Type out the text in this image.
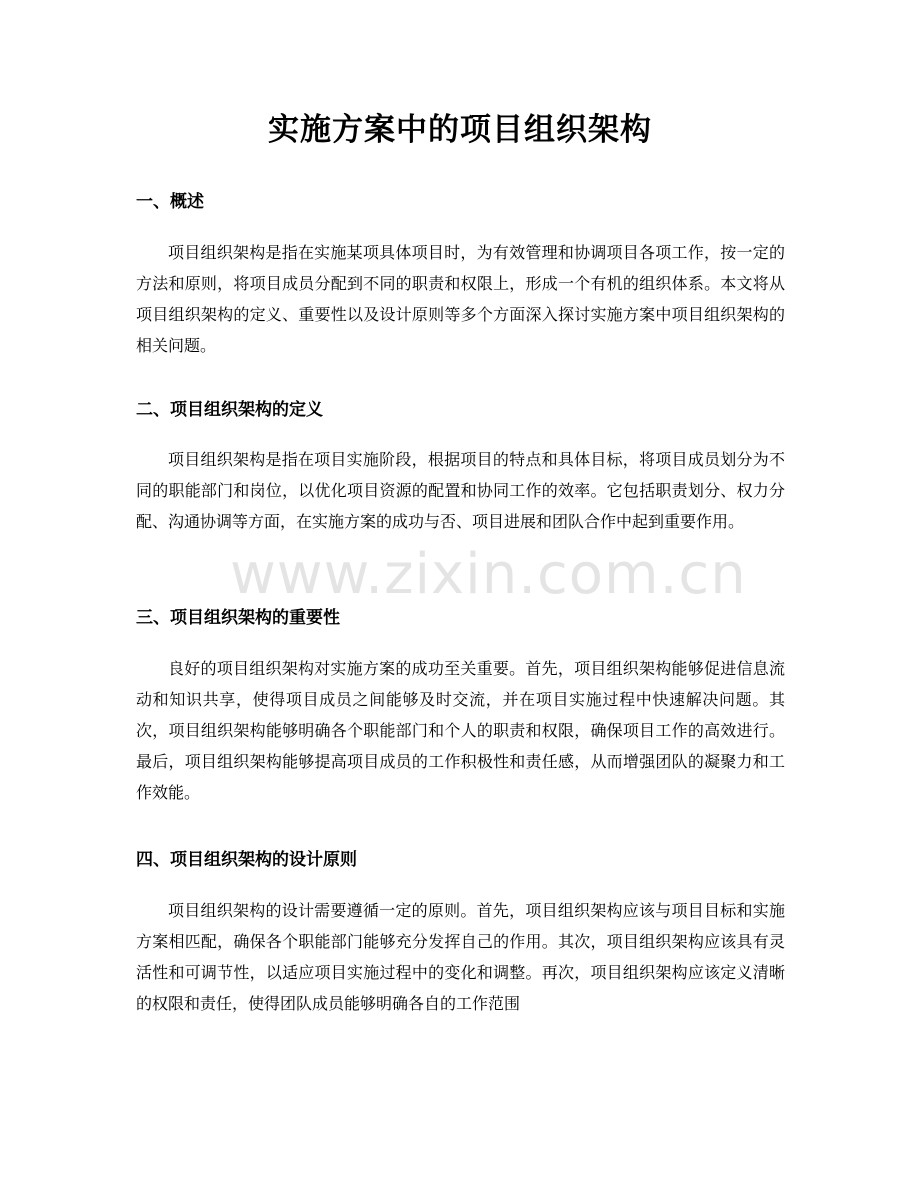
实施方案中的项目组织架构
一、概述
项目组织架构是指在实施某项具体项目时，为有效管理和协调项目各项工作，按一定的方法和原则，将项目成员分配到不同的职责和权限上，形成一个有机的组织体系。本文将从项目组织架构的定义、重要性以及设计原则等多个方面深入探讨实施方案中项目组织架构的相关问题。
二、项目组织架构的定义
项目组织架构是指在项目实施阶段，根据项目的特点和具体目标，将项目成员划分为不同的职能部门和岗位，以优化项目资源的配置和协同工作的效率。它包括职责划分、权力分配、沟通协调等方面，在实施方案的成功与否、项目进展和团队合作中起到重要作用。
三、项目组织架构的重要性
良好的项目组织架构对实施方案的成功至关重要。首先，项目组织架构能够促进信息流动和知识共享，使得项目成员之间能够及时交流，并在项目实施过程中快速解决问题。其次，项目组织架构能够明确各个职能部门和个人的职责和权限，确保项目工作的高效进行。最后，项目组织架构能够提高项目成员的工作积极性和责任感，从而增强团队的凝聚力和工作效能。
四、项目组织架构的设计原则
项目组织架构的设计需要遵循一定的原则。首先，项目组织架构应该与项目目标和实施方案相匹配，确保各个职能部门能够充分发挥自己的作用。其次，项目组织架构应该具有灵活性和可调节性，以适应项目实施过程中的变化和调整。再次，项目组织架构应该定义清晰的权限和责任，使得团队成员能够明确各自的工作范围
www.zixin.com.cn
